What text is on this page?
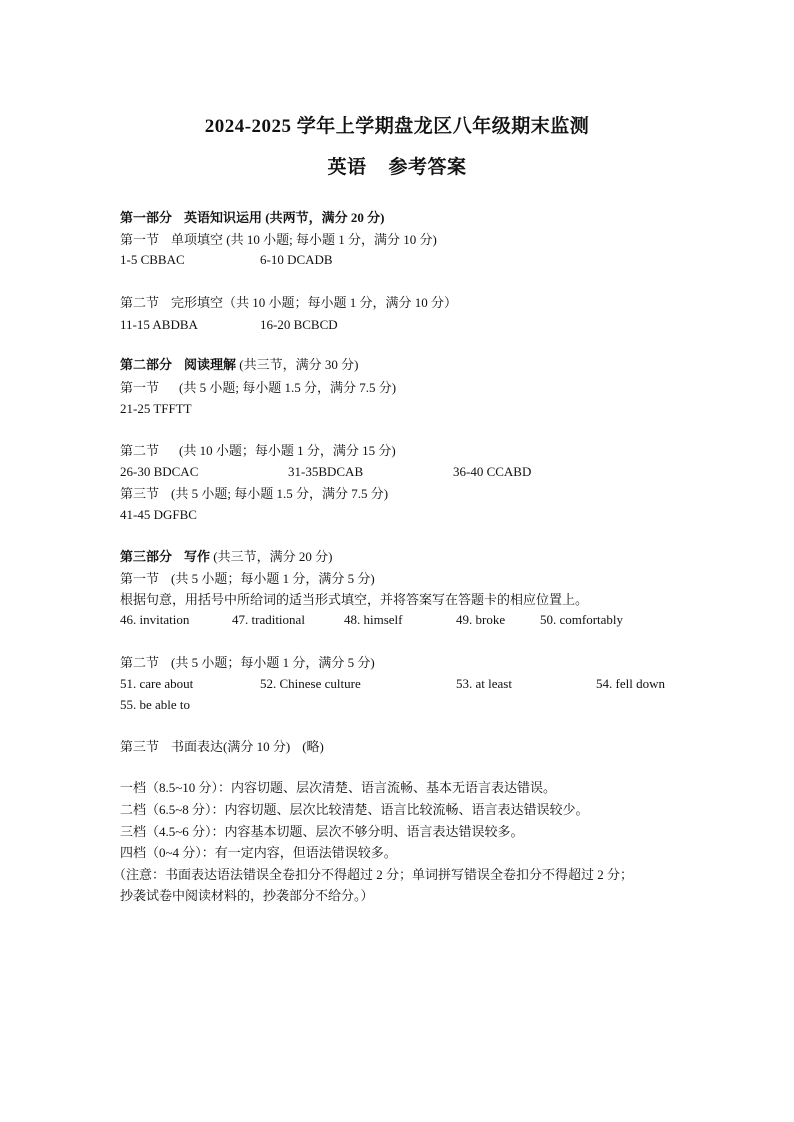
2024-2025 学年上学期盘龙区八年级期末监测
英语 参考答案
第一部分 英语知识运用 (共两节，满分 20 分)
第一节 单项填空 (共 10 小题; 每小题 1 分，满分 10 分)
1-5 CBBAC	6-10 DCADB
第二节 完形填空（共 10 小题；每小题 1 分，满分 10 分）
11-15 ABDBA	16-20 BCBCD
第二部分 阅读理解 (共三节，满分 30 分)
第一节 (共 5 小题; 每小题 1.5 分，满分 7.5 分)
21-25 TFFTT
第二节 (共 10 小题；每小题 1 分，满分 15 分)
26-30 BDCAC	31-35BDCAB	36-40 CCABD
第三节 (共 5 小题; 每小题 1.5 分，满分 7.5 分)
41-45 DGFBC
第三部分 写作 (共三节，满分 20 分)
第一节 (共 5 小题；每小题 1 分，满分 5 分)
根据句意，用括号中所给词的适当形式填空，并将答案写在答题卡的相应位置上。
46. invitation	47. traditional	48. himself	49. broke	50. comfortably
第二节 (共 5 小题；每小题 1 分，满分 5 分)
51. care about	52. Chinese culture	53. at least	54. fell down
55. be able to
第三节 书面表达(满分 10 分) (略)
一档（8.5~10 分）：内容切题、层次清楚、语言流畅、基本无语言表达错误。
二档（6.5~8 分）：内容切题、层次比较清楚、语言比较流畅、语言表达错误较少。
三档（4.5~6 分）：内容基本切题、层次不够分明、语言表达错误较多。
四档（0~4 分）：有一定内容，但语法错误较多。
（注意：书面表达语法错误全卷扣分不得超过 2 分；单词拼写错误全卷扣分不得超过 2 分；
抄袭试卷中阅读材料的，抄袭部分不给分。）
